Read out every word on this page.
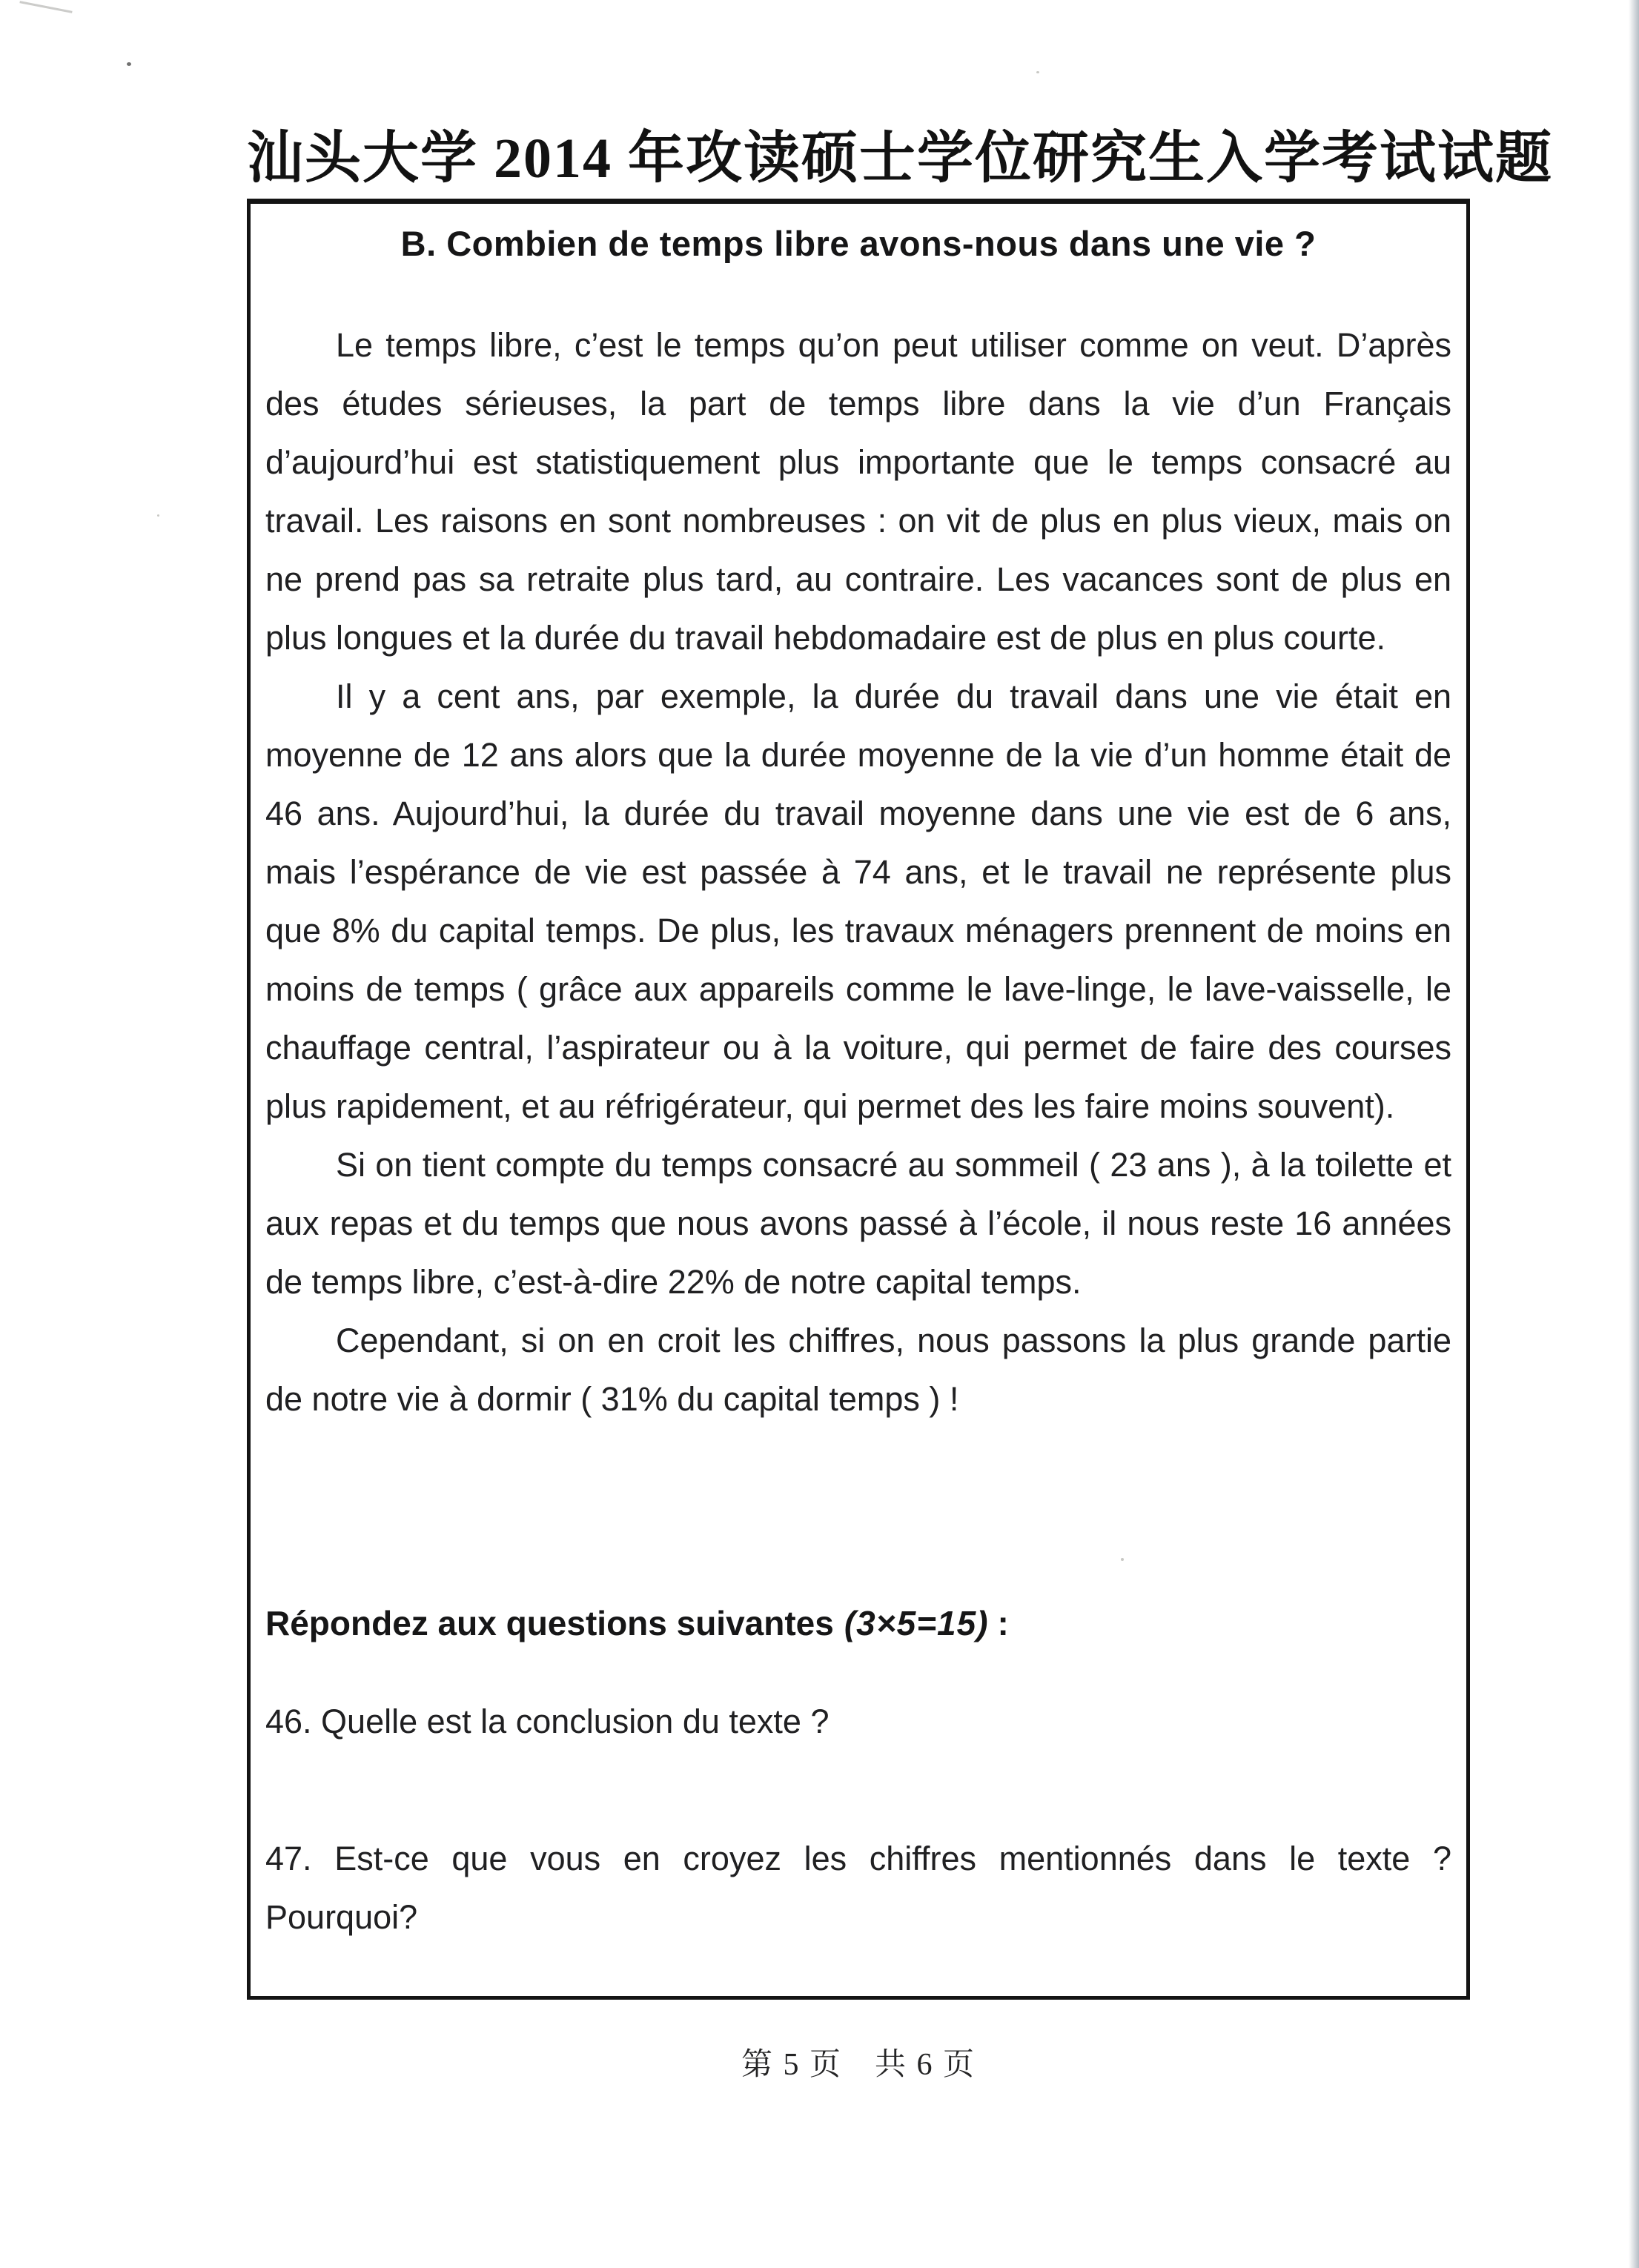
汕头大学 2014 年攻读硕士学位研究生入学考试试题
B. Combien de temps libre avons-nous dans une vie ?

Le temps libre, c’est le temps qu’on peut utiliser comme on veut. D’après des études sérieuses, la part de temps libre dans la vie d’un Français d’aujourd’hui est statistiquement plus importante que le temps consacré au travail. Les raisons en sont nombreuses : on vit de plus en plus vieux, mais on ne prend pas sa retraite plus tard, au contraire. Les vacances sont de plus en plus longues et la durée du travail hebdomadaire est de plus en plus courte.

Il y a cent ans, par exemple, la durée du travail dans une vie était en moyenne de 12 ans alors que la durée moyenne de la vie d’un homme était de 46 ans. Aujourd’hui, la durée du travail moyenne dans une vie est de 6 ans, mais l’espérance de vie est passée à 74 ans, et le travail ne représente plus que 8% du capital temps. De plus, les travaux ménagers prennent de moins en moins de temps ( grâce aux appareils comme le lave-linge, le lave-vaisselle, le chauffage central, l’aspirateur ou à la voiture, qui permet de faire des courses plus rapidement, et au réfrigérateur, qui permet des les faire moins souvent).

Si on tient compte du temps consacré au sommeil ( 23 ans ), à la toilette et aux repas et du temps que nous avons passé à l’école, il nous reste 16 années de temps libre, c’est-à-dire 22% de notre capital temps.

Cependant, si on en croit les chiffres, nous passons la plus grande partie de notre vie à dormir ( 31% du capital temps ) !

Répondez aux questions suivantes (3×5=15) :

46. Quelle est la conclusion du texte ?

47. Est-ce que vous en croyez les chiffres mentionnés dans le texte ?

Pourquoi?

第 5 页　共 6 页
